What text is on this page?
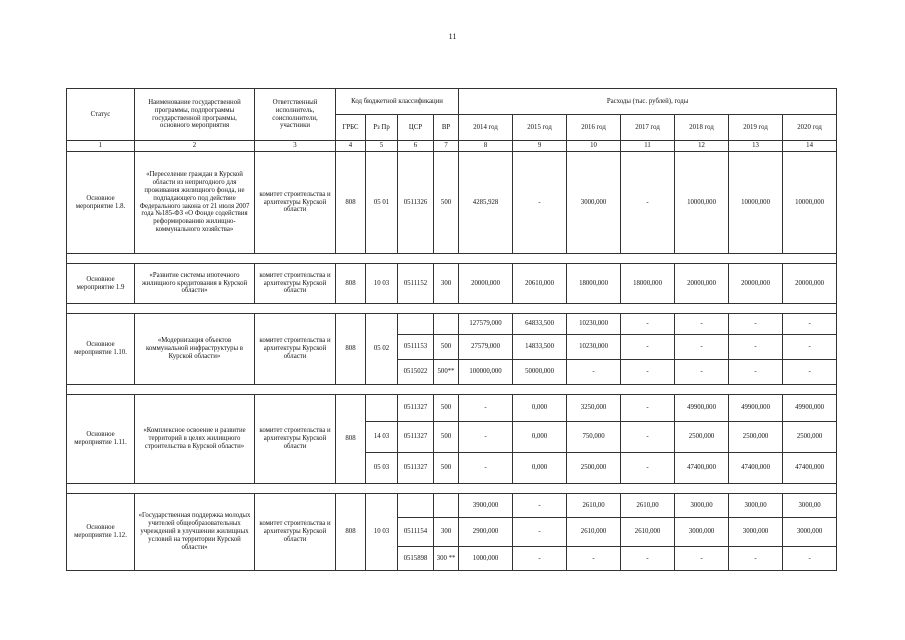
11
Статус	Наименование государственной программы, подпрограммы государственной программы, основного мероприятия	Ответственный исполнитель, соисполнители, участники	Код бюджетной классификации				Расходы (тыс. рублей), годы						
			ГРБС	Рз Пр	ЦСР	ВР	2014 год	2015 год	2016 год	2017 год	2018 год	2019 год	2020 год
1	2	3	4	5	6	7	8	9	10	11	12	13	14
Основное мероприятие 1.8.	«Переселение граждан в Курской области из непригодного для проживания жилищного фонда, не подпадающего под действие Федерального закона от 21 июля 2007 года №185-ФЗ «О Фонде содействия реформированию жилищно-коммунального хозяйства»	комитет строительства и архитектуры Курской области	808	05 01	0511326	500	4285,928	-	3000,000	-	10000,000	10000,000	10000,000

Основное мероприятие 1.9	«Развитие системы ипотечного жилищного кредитования в Курской области»	комитет строительства и архитектуры Курской области	808	10 03	0511152	300	20000,000	20610,000	18000,000	18000,000	20000,000	20000,000	20000,000

Основное мероприятие 1.10.	«Модернизация объектов коммунальной инфраструктуры в Курской области»	комитет строительства и архитектуры Курской области	808	05 02			127579,000	64833,500	10230,000	-	-	-	-
					0511153	500	27579,000	14833,500	10230,000	-	-	-	-
					0515022	500**	100000,000	50000,000	-	-	-	-	-

Основное мероприятие 1.11.	«Комплексное освоение и развитие территорий в целях жилищного строительства в Курской области»	комитет строительства и архитектуры Курской области	808		0511327	500	-	0,000	3250,000	-	49900,000	49900,000	49900,000
				14 03	0511327	500	-	0,000	750,000	-	2500,000	2500,000	2500,000
				05 03	0511327	500	-	0,000	2500,000	-	47400,000	47400,000	47400,000

Основное мероприятие 1.12.	«Государственная поддержка молодых учителей общеобразовательных учреждений в улучшении жилищных условий на территории Курской области»	комитет строительства и архитектуры Курской области	808	10 03			3900,000	-	2610,00	2610,00	3000,00	3000,00	3000,00
					0511154	300	2900,000	-	2610,000	2610,000	3000,000	3000,000	3000,000
					0515898	300 **	1000,000	-	-	-	-	-	-
